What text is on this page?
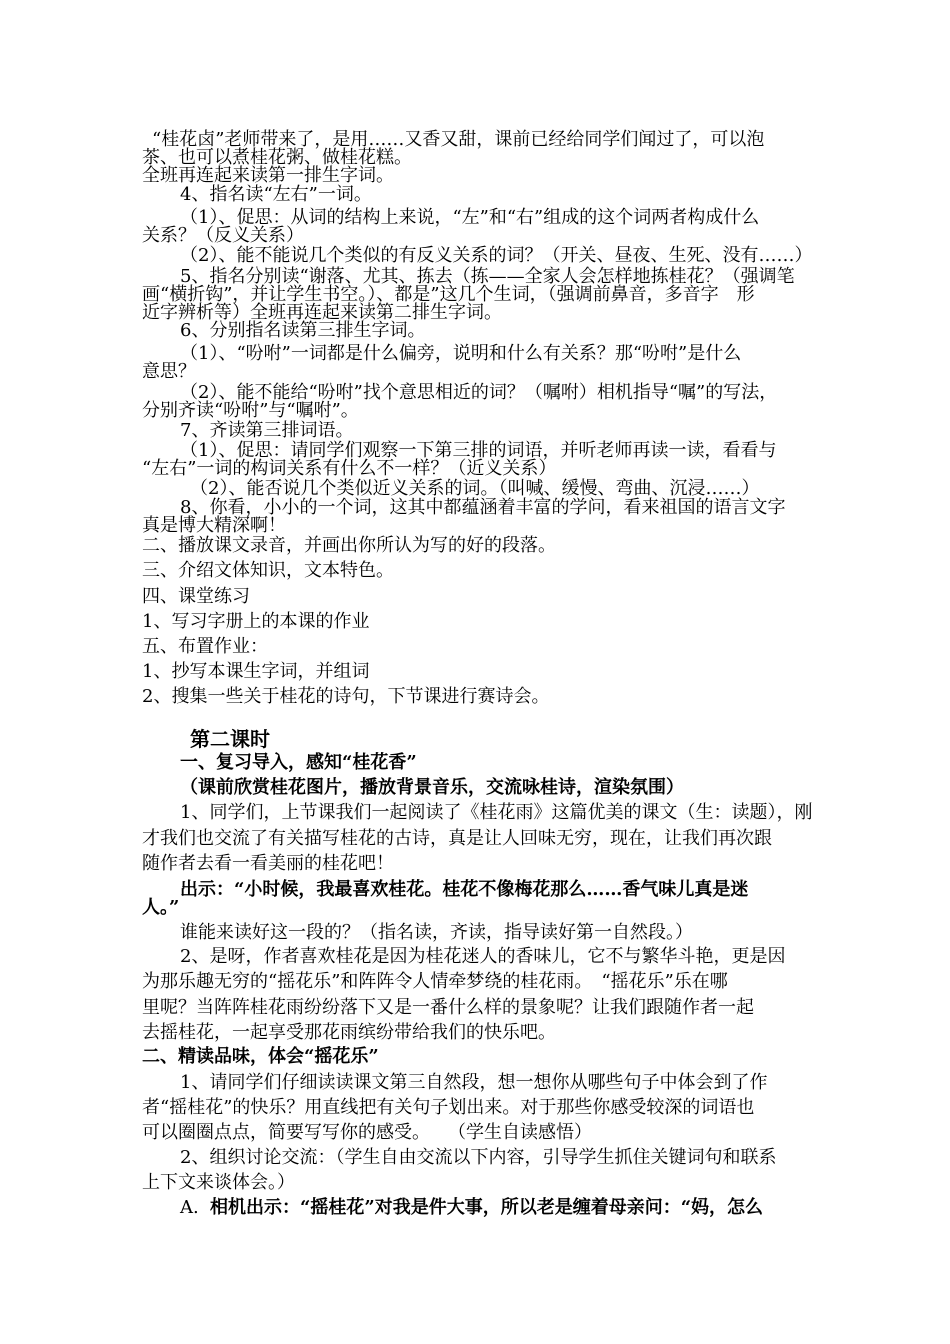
“桂花卤”老师带来了，是用……又香又甜，课前已经给同学们闻过了，可以泡
茶、也可以煮桂花粥、做桂花糕。
全班再连起来读第一排生字词。
4、指名读“左右”一词。
（1）、促思：从词的结构上来说，“左”和“右”组成的这个词两者构成什么
关系？（反义关系）
（2）、能不能说几个类似的有反义关系的词？（开关、昼夜、生死、没有……）
5、指名分别读“谢落、尤其、拣去（拣——全家人会怎样地拣桂花？（强调笔
画“横折钩”，并让学生书空。）、都是”这几个生词，（强调前鼻音，多音字　形
近字辨析等）全班再连起来读第二排生字词。
6、分别指名读第三排生字词。
（1）、“吩咐”一词都是什么偏旁，说明和什么有关系？那“吩咐”是什么
意思？
（2）、能不能给“吩咐”找个意思相近的词？（嘱咐）相机指导“嘱”的写法，
分别齐读“吩咐”与“嘱咐”。
7、齐读第三排词语。
（1）、促思：请同学们观察一下第三排的词语，并听老师再读一读，看看与
“左右”一词的构词关系有什么不一样？（近义关系）
（2）、能否说几个类似近义关系的词。（叫喊、缓慢、弯曲、沉浸……）
8、你看，小小的一个词，这其中都蕴涵着丰富的学问，看来祖国的语言文字
真是博大精深啊！
二、播放课文录音，并画出你所认为写的好的段落。
三、介绍文体知识，文本特色。
四、课堂练习
1、写习字册上的本课的作业
五、布置作业：
1、抄写本课生字词，并组词
2、搜集一些关于桂花的诗句，下节课进行赛诗会。
第二课时
一、复习导入，感知“桂花香”
（课前欣赏桂花图片，播放背景音乐，交流咏桂诗，渲染氛围）
1、同学们，上节课我们一起阅读了《桂花雨》这篇优美的课文（生：读题），刚
才我们也交流了有关描写桂花的古诗，真是让人回味无穷，现在，让我们再次跟
随作者去看一看美丽的桂花吧！
出示：“小时候，我最喜欢桂花。桂花不像梅花那么……香气味儿真是迷
人。”
谁能来读好这一段的？（指名读，齐读，指导读好第一自然段。）
2、是呀，作者喜欢桂花是因为桂花迷人的香味儿，它不与繁华斗艳，更是因
为那乐趣无穷的“摇花乐”和阵阵令人情牵梦绕的桂花雨。　“摇花乐”乐在哪
里呢？当阵阵桂花雨纷纷落下又是一番什么样的景象呢？让我们跟随作者一起
去摇桂花，一起享受那花雨缤纷带给我们的快乐吧。
二、精读品味，体会“摇花乐”
1、请同学们仔细读读课文第三自然段，想一想你从哪些句子中体会到了作
者“摇桂花”的快乐？用直线把有关句子划出来。对于那些你感受较深的词语也
可以圈圈点点，简要写写你的感受。　　（学生自读感悟）
2、组织讨论交流：（学生自由交流以下内容，引导学生抓住关键词句和联系
上下文来谈体会。）
A. 相机出示：“摇桂花”对我是件大事，所以老是缠着母亲问：“妈，怎么
